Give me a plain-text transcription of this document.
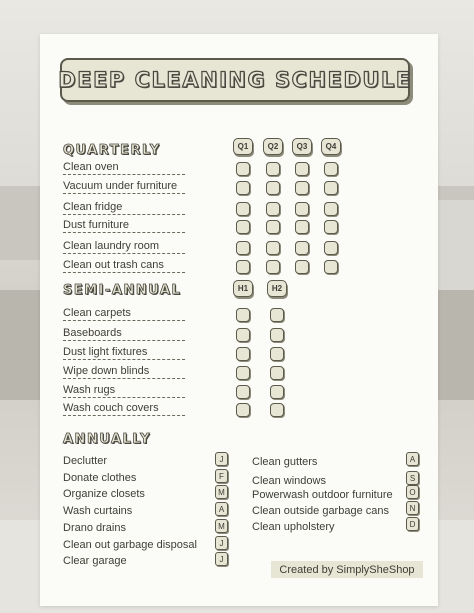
DEEP CLEANING SCHEDULE
QUARTERLY	Q1	Q2	Q3	Q4
SEMI-ANNUAL	H1	H2
ANNUALLY
Created by SimplySheShop
Clean oven
Vacuum under furniture
Clean fridge
Dust furniture
Clean laundry room
Clean out trash cans
Clean carpets
Baseboards
Dust light fixtures
Wipe down blinds
Wash rugs
Wash couch covers
Declutter	J
Donate clothes	F
Organize closets	M
Wash curtains	A
Drano drains	M
Clean out garbage disposal	J
Clear garage	J
Clean gutters	A
Clean windows	S
Powerwash outdoor furniture	O
Clean outside garbage cans	N
Clean upholstery	D
